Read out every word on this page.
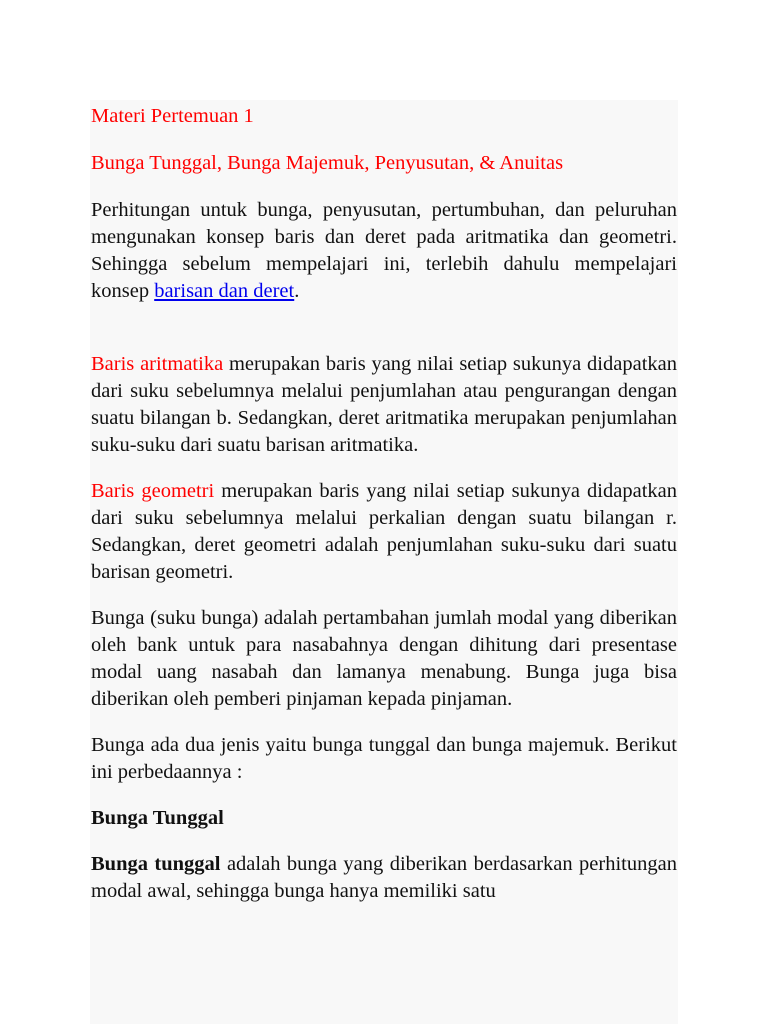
Materi Pertemuan 1
Bunga Tunggal, Bunga Majemuk, Penyusutan, & Anuitas

Perhitungan untuk bunga, penyusutan, pertumbuhan, dan peluruhan mengunakan konsep baris dan deret pada aritmatika dan geometri. Sehingga sebelum mempelajari ini, terlebih dahulu mempelajari konsep barisan dan deret.

Baris aritmatika merupakan baris yang nilai setiap sukunya didapatkan dari suku sebelumnya melalui penjumlahan atau pengurangan dengan suatu bilangan b. Sedangkan, deret aritmatika merupakan penjumlahan suku-suku dari suatu barisan aritmatika.

Baris geometri merupakan baris yang nilai setiap sukunya didapatkan dari suku sebelumnya melalui perkalian dengan suatu bilangan r. Sedangkan, deret geometri adalah penjumlahan suku-suku dari suatu barisan geometri.

Bunga (suku bunga) adalah pertambahan jumlah modal yang diberikan oleh bank untuk para nasabahnya dengan dihitung dari presentase modal uang nasabah dan lamanya menabung. Bunga juga bisa diberikan oleh pemberi pinjaman kepada pinjaman.

Bunga ada dua jenis yaitu bunga tunggal dan bunga majemuk. Berikut ini perbedaannya :

Bunga Tunggal

Bunga tunggal adalah bunga yang diberikan berdasarkan perhitungan modal awal, sehingga bunga hanya memiliki satu
